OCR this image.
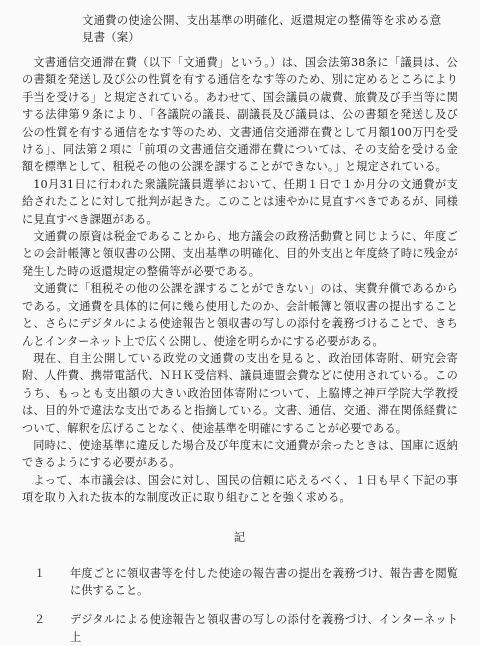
文通費の使途公開、支出基準の明確化、返還規定の整備等を求める意
見書（案）

文書通信交通滞在費（以下「文通費」という。）は、国会法第38条に「議員は、公の書類を発送し及び公の性質を有する通信をなす等のため、別に定めるところにより手当を受ける」と規定されている。あわせて、国会議員の歳費、旅費及び手当等に関する法律第９条により、「各議院の議長、副議長及び議員は、公の書類を発送し及び公の性質を有する通信をなす等のため、文書通信交通滞在費として月額100万円を受ける」、同法第２項に「前項の文書通信交通滞在費については、その支給を受ける金額を標準として、租税その他の公課を課することができない。」と規定されている。

10月31日に行われた衆議院議員選挙において、任期１日で１か月分の文通費が支給されたことに対して批判が起きた。このことは速やかに見直すべきであるが、同様に見直すべき課題がある。

文通費の原資は税金であることから、地方議会の政務活動費と同じように、年度ごとの会計帳簿と領収書の公開、支出基準の明確化、目的外支出と年度終了時に残金が発生した時の返還規定の整備等が必要である。

文通費に「租税その他の公課を課することができない」のは、実費弁償であるからである。文通費を具体的に何に幾ら使用したのか、会計帳簿と領収書の提出することと、さらにデジタルによる使途報告と領収書の写しの添付を義務づけることで、きちんとインターネット上で広く公開し、使途を明らかにする必要がある。

現在、自主公開している政党の文通費の支出を見ると、政治団体寄附、研究会寄附、人件費、携帯電話代、ＮＨＫ受信料、議員連盟会費などに使用されている。このうち、もっとも支出額の大きい政治団体寄附について、上脇博之神戸学院大学教授は、目的外で違法な支出であると指摘している。文書、通信、交通、滞在関係経費について、解釈を広げることなく、使途基準を明確にすることが必要である。

同時に、使途基準に違反した場合及び年度末に文通費が余ったときは、国庫に返納できるようにする必要がある。

よって、本市議会は、国会に対し、国民の信頼に応えるべく、１日も早く下記の事項を取り入れた抜本的な制度改正に取り組むことを強く求める。

記
１	年度ごとに領収書等を付した使途の報告書の提出を義務づけ、報告書を閲覧に供すること。
２	デジタルによる使途報告と領収書の写しの添付を義務づけ、インターネット上
